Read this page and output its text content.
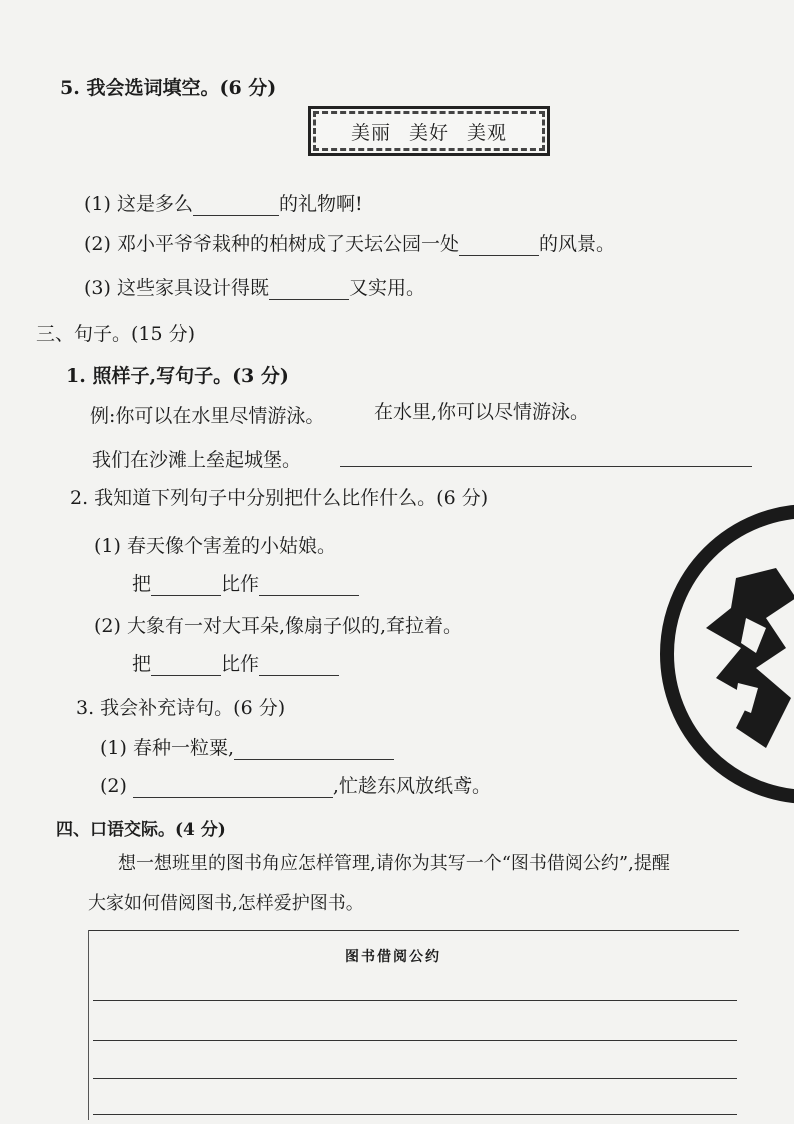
5. 我会选词填空。(6 分)
美丽 美好 美观
(1) 这是多么	的礼物啊!
(2) 邓小平爷爷栽种的柏树成了天坛公园一处	的风景。
(3) 这些家具设计得既	又实用。
三、句子。(15 分)
1. 照样子,写句子。(3 分)
例:你可以在水里尽情游泳。	在水里,你可以尽情游泳。
我们在沙滩上垒起城堡。
2. 我知道下列句子中分别把什么比作什么。(6 分)
(1) 春天像个害羞的小姑娘。
把	比作
(2) 大象有一对大耳朵,像扇子似的,耷拉着。
把	比作
3. 我会补充诗句。(6 分)
(1) 春种一粒粟,
(2)	,忙趁东风放纸鸢。
四、口语交际。(4 分)
想一想班里的图书角应怎样管理,请你为其写一个“图书借阅公约”,提醒
大家如何借阅图书,怎样爱护图书。
图书借阅公约
